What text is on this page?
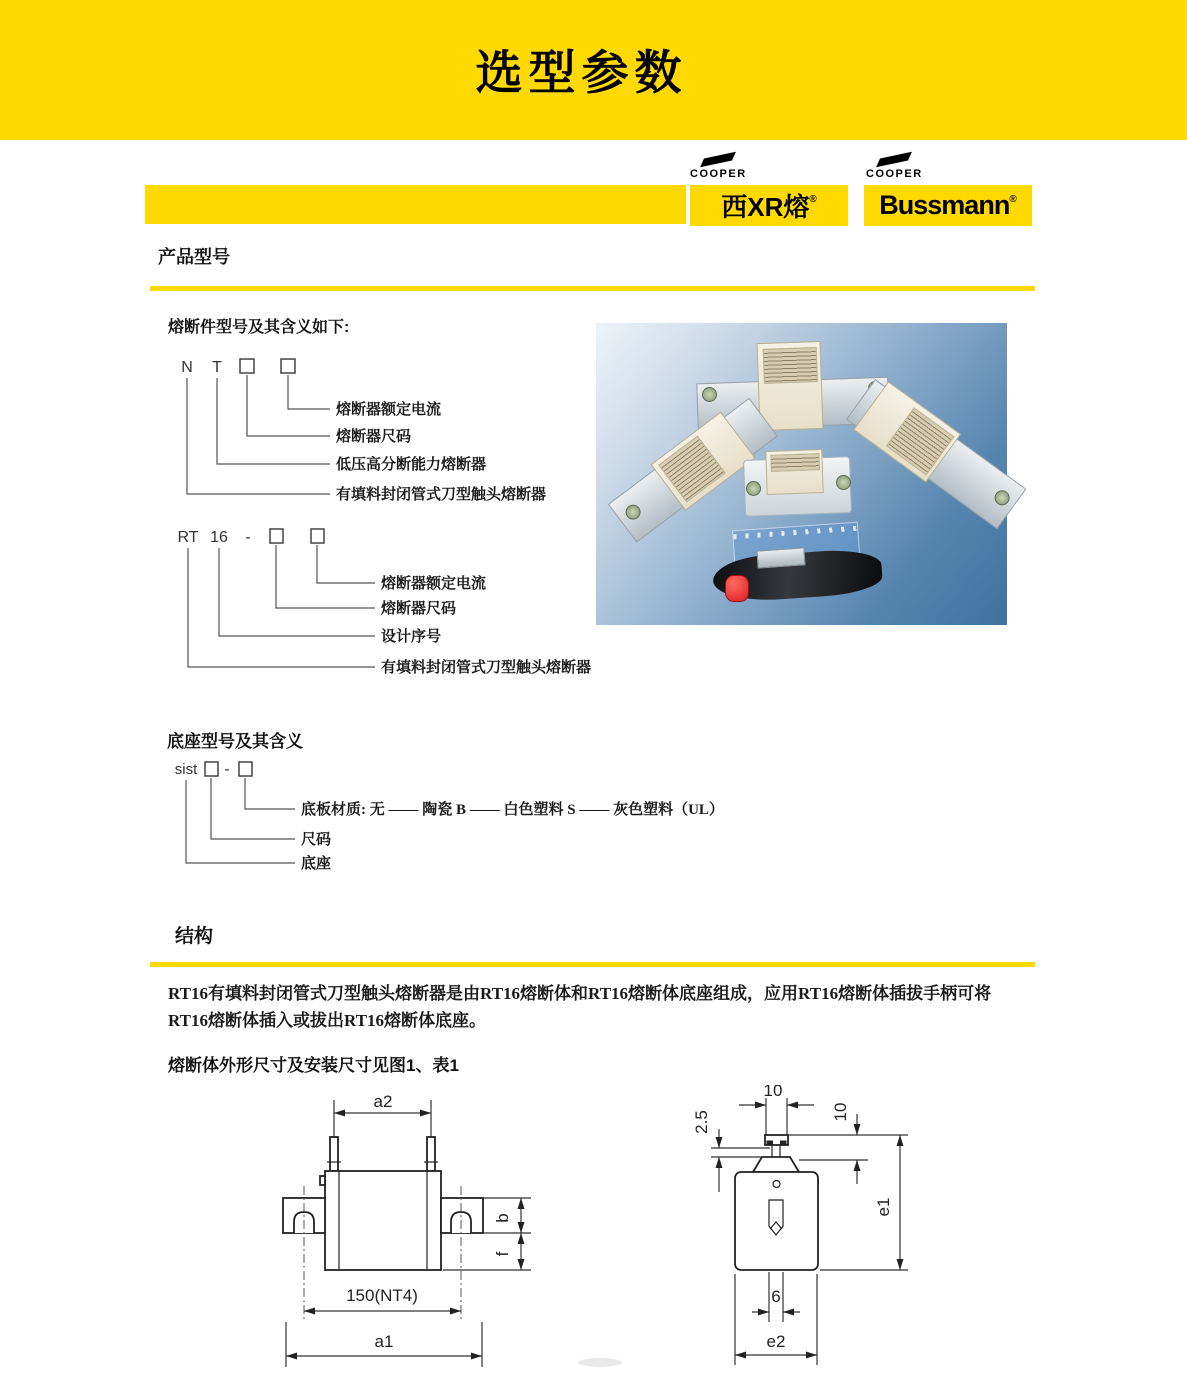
选型参数
COOPER
西XR熔 ®
COOPER
Bussmann ®
产品型号
熔断件型号及其含义如下:
N T
熔断器额定电流
熔断器尺码
低压高分断能力熔断器
有填料封闭管式刀型触头熔断器
RT 16 -
熔断器额定电流
熔断器尺码
设计序号
有填料封闭管式刀型触头熔断器
底座型号及其含义
sist -
底板材质: 无 —— 陶瓷 B —— 白色塑料 S —— 灰色塑料（UL）
尺码
底座
结构
RT16有填料封闭管式刀型触头熔断器是由RT16熔断体和RT16熔断体底座组成，应用RT16熔断体插拔手柄可将RT16熔断体插入或拔出RT16熔断体底座。
熔断体外形尺寸及安装尺寸见图1、表1
a2
b
f
150(NT4)
a1
10
2.5	10
e1
6
e2
